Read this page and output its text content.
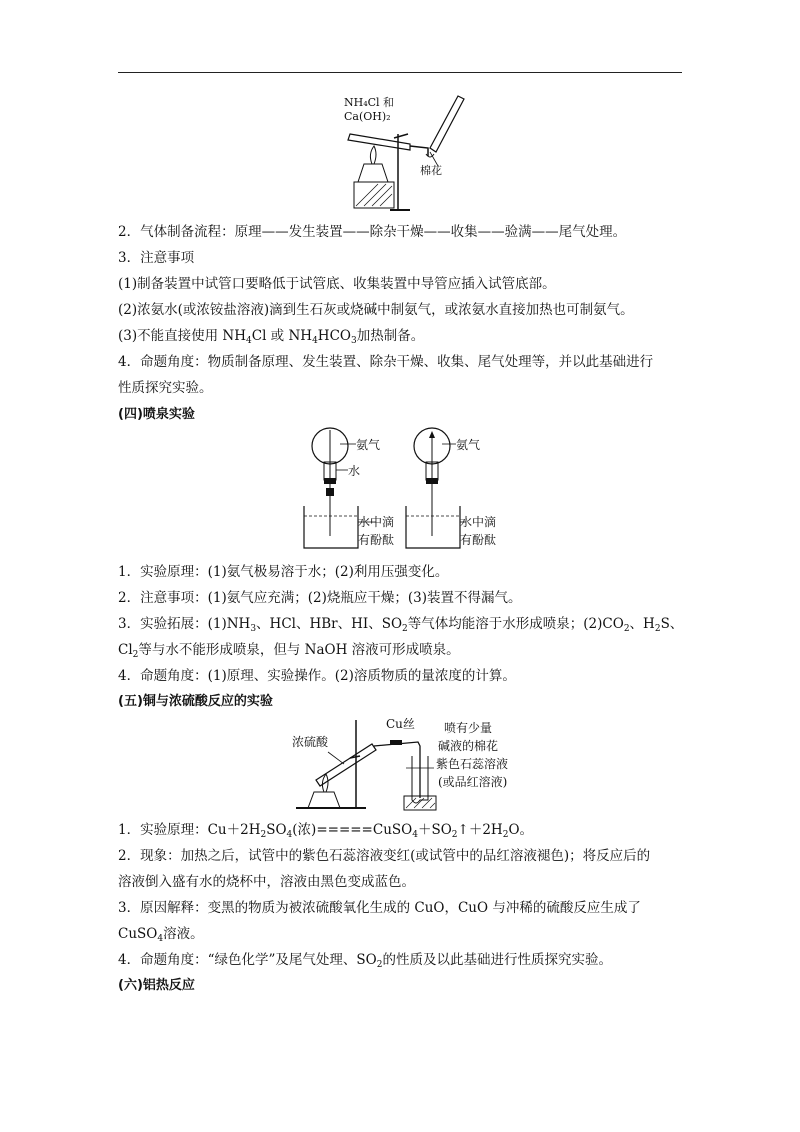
NH₄Cl 和
Ca(OH)₂
棉花
2．气体制备流程：原理——发生装置——除杂干燥——收集——验满——尾气处理。
3．注意事项
(1)制备装置中试管口要略低于试管底、收集装置中导管应插入试管底部。
(2)浓氨水(或浓铵盐溶液)滴到生石灰或烧碱中制氨气，或浓氨水直接加热也可制氨气。
(3)不能直接使用 $NH_4Cl$ 或 $NH_4HCO_3$加热制备。
4．命题角度：物质制备原理、发生装置、除杂干燥、收集、尾气处理等，并以此基础进行
性质探究实验。
(四)喷泉实验
氨气
水
水中滴
有酚酞
氨气
水中滴
有酚酞
1．实验原理：(1)氨气极易溶于水；(2)利用压强变化。
2．注意事项：(1)氨气应充满；(2)烧瓶应干燥；(3)装置不得漏气。
3．实验拓展：$(1)NH_3$、HCl、HBr、HI、$SO_2$等气体均能溶于水形成喷泉；$(2)CO_2$、$H_2S$、
$Cl_2$等与水不能形成喷泉，但与 NaOH 溶液可形成喷泉。
4．命题角度：(1)原理、实验操作。(2)溶质物质的量浓度的计算。
(五)铜与浓硫酸反应的实验
浓硫酸
Cu丝 喷有少量
碱液的棉花
紫色石蕊溶液
(或品红溶液)
1．实验原理：$Cu+2H_2SO_4$(浓)$=====CuSO_4+SO_2↑+2H_2O$。
2．现象：加热之后，试管中的紫色石蕊溶液变红(或试管中的品红溶液褪色)；将反应后的
溶液倒入盛有水的烧杯中，溶液由黑色变成蓝色。
3．原因解释：变黑的物质为被浓硫酸氧化生成的 CuO，CuO 与冲稀的硫酸反应生成了
CuSO$_4$溶液。
4．命题角度：“绿色化学”及尾气处理、$SO_2$的性质及以此基础进行性质探究实验。
(六)铝热反应
